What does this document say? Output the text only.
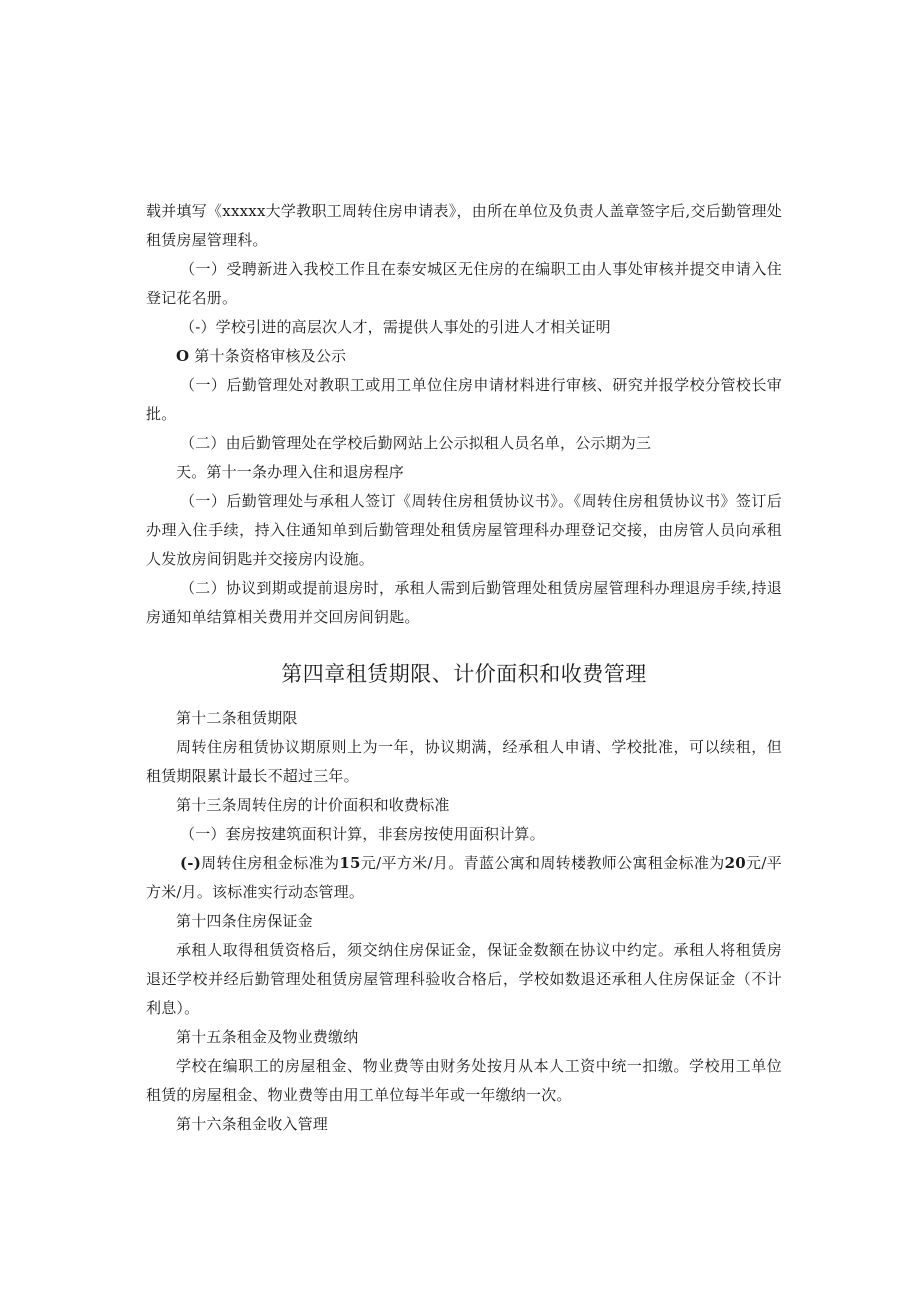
载并填写《xxxxx大学教职工周转住房申请表》，由所在单位及负责人盖章签字后,交后勤管理处租赁房屋管理科。

（一）受聘新进入我校工作且在泰安城区无住房的在编职工由人事处审核并提交申请入住登记花名册。

（-）学校引进的高层次人才，需提供人事处的引进人才相关证明

O 第十条资格审核及公示

（一）后勤管理处对教职工或用工单位住房申请材料进行审核、研究并报学校分管校长审批。

（二）由后勤管理处在学校后勤网站上公示拟租人员名单，公示期为三

天。第十一条办理入住和退房程序

（一）后勤管理处与承租人签订《周转住房租赁协议书》。《周转住房租赁协议书》签订后办理入住手续，持入住通知单到后勤管理处租赁房屋管理科办理登记交接，由房管人员向承租人发放房间钥匙并交接房内设施。

（二）协议到期或提前退房时，承租人需到后勤管理处租赁房屋管理科办理退房手续,持退房通知单结算相关费用并交回房间钥匙。

第四章租赁期限、计价面积和收费管理

第十二条租赁期限

周转住房租赁协议期原则上为一年，协议期满，经承租人申请、学校批准，可以续租，但租赁期限累计最长不超过三年。

第十三条周转住房的计价面积和收费标准

（一）套房按建筑面积计算，非套房按使用面积计算。

(-)周转住房租金标准为15元/平方米/月。青蓝公寓和周转楼教师公寓租金标准为20元/平方米/月。该标准实行动态管理。

第十四条住房保证金

承租人取得租赁资格后，须交纳住房保证金，保证金数额在协议中约定。承租人将租赁房退还学校并经后勤管理处租赁房屋管理科验收合格后，学校如数退还承租人住房保证金（不计利息）。

第十五条租金及物业费缴纳

学校在编职工的房屋租金、物业费等由财务处按月从本人工资中统一扣缴。学校用工单位租赁的房屋租金、物业费等由用工单位每半年或一年缴纳一次。

第十六条租金收入管理
